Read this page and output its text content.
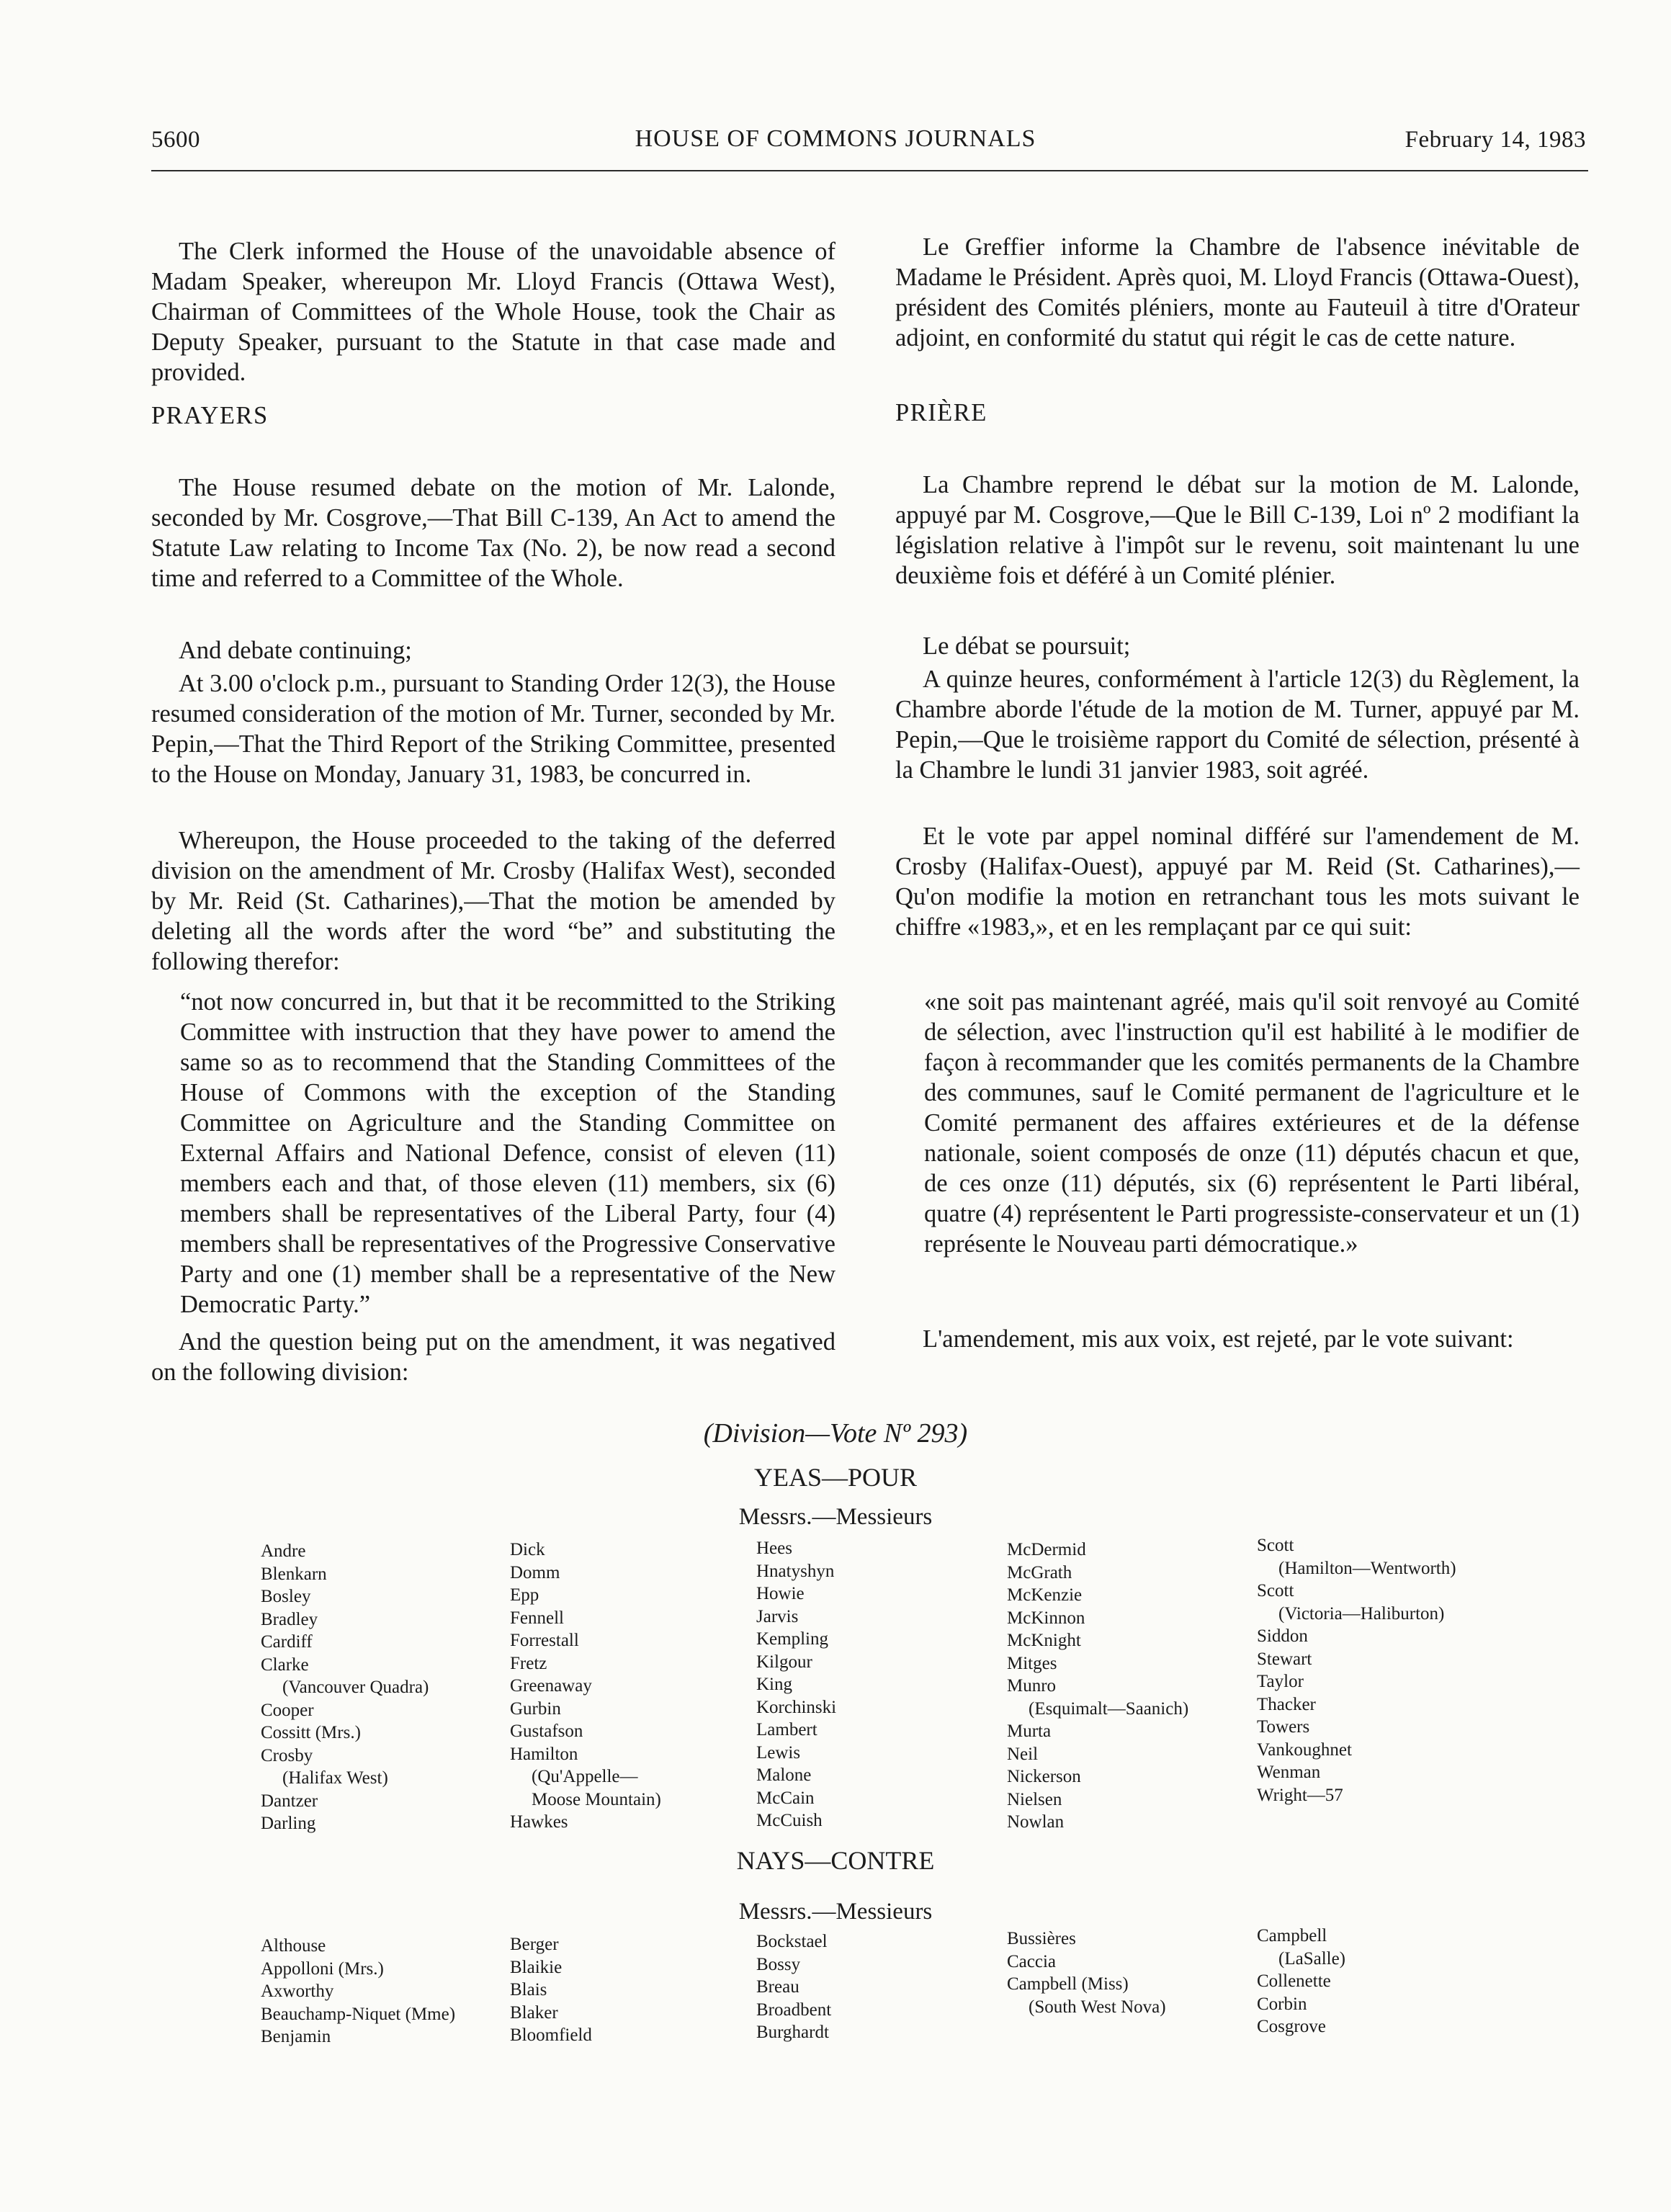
5600	HOUSE OF COMMONS JOURNALS	February 14, 1983

The Clerk informed the House of the unavoidable absence of Madam Speaker, whereupon Mr. Lloyd Francis (Ottawa West), Chairman of Committees of the Whole House, took the Chair as Deputy Speaker, pursuant to the Statute in that case made and provided.

PRAYERS

The House resumed debate on the motion of Mr. Lalonde, seconded by Mr. Cosgrove,—That Bill C-139, An Act to amend the Statute Law relating to Income Tax (No. 2), be now read a second time and referred to a Committee of the Whole.

And debate continuing;

At 3.00 o'clock p.m., pursuant to Standing Order 12(3), the House resumed consideration of the motion of Mr. Turner, seconded by Mr. Pepin,—That the Third Report of the Striking Committee, presented to the House on Monday, January 31, 1983, be concurred in.

Whereupon, the House proceeded to the taking of the deferred division on the amendment of Mr. Crosby (Halifax West), seconded by Mr. Reid (St. Catharines),—That the motion be amended by deleting all the words after the word “be” and substituting the following therefor:

“not now concurred in, but that it be recommitted to the Striking Committee with instruction that they have power to amend the same so as to recommend that the Standing Committees of the House of Commons with the exception of the Standing Committee on Agriculture and the Standing Committee on External Affairs and National Defence, consist of eleven (11) members each and that, of those eleven (11) members, six (6) members shall be representatives of the Liberal Party, four (4) members shall be representatives of the Progressive Conservative Party and one (1) member shall be a representative of the New Democratic Party.”

And the question being put on the amendment, it was negatived on the following division:

Le Greffier informe la Chambre de l'absence inévitable de Madame le Président. Après quoi, M. Lloyd Francis (Ottawa-Ouest), président des Comités pléniers, monte au Fauteuil à titre d'Orateur adjoint, en conformité du statut qui régit le cas de cette nature.

PRIÈRE

La Chambre reprend le débat sur la motion de M. Lalonde, appuyé par M. Cosgrove,—Que le Bill C-139, Loi nº 2 modifiant la législation relative à l'impôt sur le revenu, soit maintenant lu une deuxième fois et déféré à un Comité plénier.

Le débat se poursuit;

A quinze heures, conformément à l'article 12(3) du Règlement, la Chambre aborde l'étude de la motion de M. Turner, appuyé par M. Pepin,—Que le troisième rapport du Comité de sélection, présenté à la Chambre le lundi 31 janvier 1983, soit agréé.

Et le vote par appel nominal différé sur l'amendement de M. Crosby (Halifax-Ouest), appuyé par M. Reid (St. Catharines),—Qu'on modifie la motion en retranchant tous les mots suivant le chiffre «1983,», et en les remplaçant par ce qui suit:

«ne soit pas maintenant agréé, mais qu'il soit renvoyé au Comité de sélection, avec l'instruction qu'il est habilité à le modifier de façon à recommander que les comités permanents de la Chambre des communes, sauf le Comité permanent de l'agriculture et le Comité permanent des affaires extérieures et de la défense nationale, soient composés de onze (11) députés chacun et que, de ces onze (11) députés, six (6) représentent le Parti libéral, quatre (4) représentent le Parti progressiste-conservateur et un (1) représente le Nouveau parti démocratique.»

L'amendement, mis aux voix, est rejeté, par le vote suivant:

(Division—Vote Nº 293)
YEAS—POUR
Messrs.—Messieurs
Andre
Blenkarn
Bosley
Bradley
Cardiff
Clarke
(Vancouver Quadra)
Cooper
Cossitt (Mrs.)
Crosby
(Halifax West)
Dantzer
Darling
Dick
Domm
Epp
Fennell
Forrestall
Fretz
Greenaway
Gurbin
Gustafson
Hamilton
(Qu'Appelle—
Moose Mountain)
Hawkes
Hees
Hnatyshyn
Howie
Jarvis
Kempling
Kilgour
King
Korchinski
Lambert
Lewis
Malone
McCain
McCuish
McDermid
McGrath
McKenzie
McKinnon
McKnight
Mitges
Munro
(Esquimalt—Saanich)
Murta
Neil
Nickerson
Nielsen
Nowlan
Scott
(Hamilton—Wentworth)
Scott
(Victoria—Haliburton)
Siddon
Stewart
Taylor
Thacker
Towers
Vankoughnet
Wenman
Wright—57
NAYS—CONTRE
Messrs.—Messieurs
Althouse
Appolloni (Mrs.)
Axworthy
Beauchamp-Niquet (Mme)
Benjamin
Berger
Blaikie
Blais
Blaker
Bloomfield
Bockstael
Bossy
Breau
Broadbent
Burghardt
Bussières
Caccia
Campbell (Miss)
(South West Nova)
Campbell
(LaSalle)
Collenette
Corbin
Cosgrove
